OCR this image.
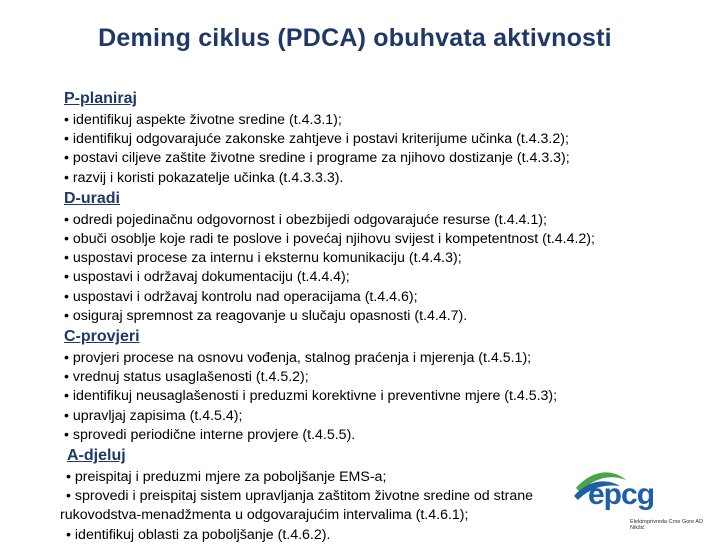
Deming ciklus (PDCA) obuhvata aktivnosti
P-planiraj
• identifikuj aspekte životne sredine (t.4.3.1);
• identifikuj odgovarajuće zakonske zahtjeve i postavi kriterijume učinka (t.4.3.2);
• postavi ciljeve zaštite životne sredine i programe za njihovo dostizanje (t.4.3.3);
• razvij i koristi pokazatelje učinka (t.4.3.3.3).
D-uradi
• odredi pojedinačnu odgovornost i obezbijedi odgovarajuće resurse (t.4.4.1);
• obuči osoblje koje radi te poslove i povećaj njihovu svijest i kompetentnost (t.4.4.2);
• uspostavi procese za internu i eksternu komunikaciju (t.4.4.3);
• uspostavi i održavaj dokumentaciju (t.4.4.4);
• uspostavi i održavaj kontrolu nad operacijama (t.4.4.6);
• osiguraj spremnost za reagovanje u slučaju opasnosti (t.4.4.7).
C-provjeri
• provjeri procese na osnovu vođenja, stalnog praćenja i mjerenja (t.4.5.1);
• vrednuj status usaglašenosti (t.4.5.2);
• identifikuj neusaglašenosti i preduzmi korektivne i preventivne mjere (t.4.5.3);
• upravljaj zapisima (t.4.5.4);
• sprovedi periodične interne provjere (t.4.5.5).
A-djeluj
• preispitaj i preduzmi mjere za poboljšanje EMS-a;
• sprovedi i preispitaj sistem upravljanja zaštitom životne sredine od strane
rukovodstva-menadžmenta u odgovarajućim intervalima (t.4.6.1);
• identifikuj oblasti za poboljšanje (t.4.6.2).
epcg
Elektroprivreda Crne Gore AD Nikšić
